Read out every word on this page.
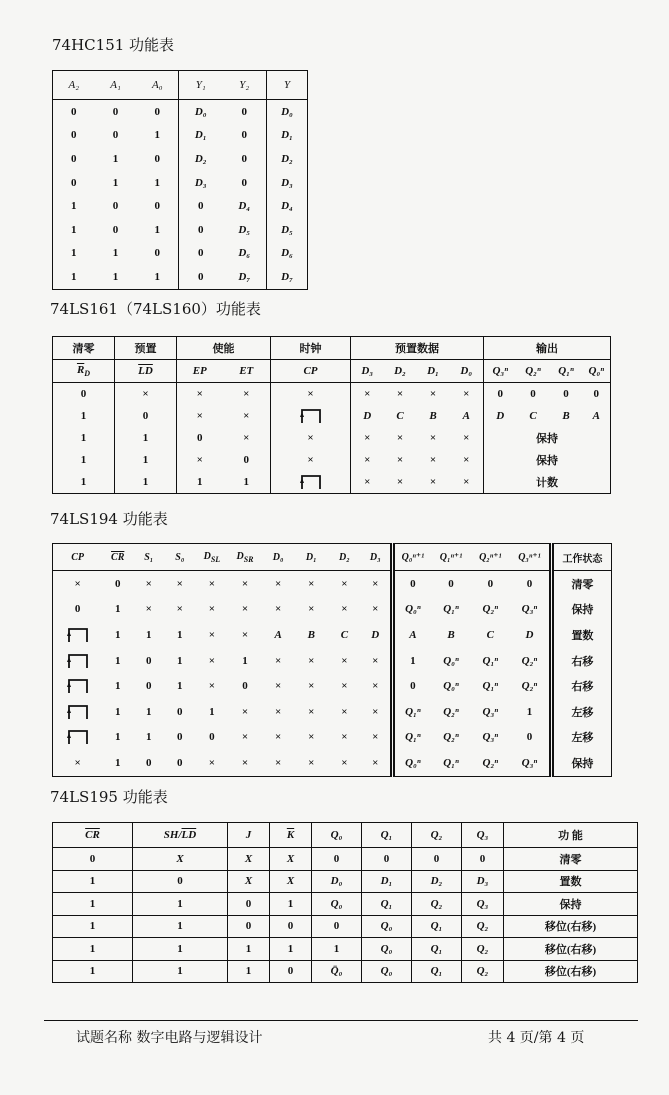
74HC151 功能表
A₂	A₁	A₀	Y₁	Y₂	Y
0	0	0	D₀	0	D₀
0	0	1	D₁	0	D₁
0	1	0	D₂	0	D₂
0	1	1	D₃	0	D₃
1	0	0	0	D₄	D₄
1	0	1	0	D₅	D₅
1	1	0	0	D₆	D₆
1	1	1	0	D₇	D₇
74LS161（74LS160）功能表
清零	预置	使能		时钟	预置数据				输出			
$\overline{R}_D$	$\overline{LD}$	EP	ET	CP	D₃	D₂	D₁	D₀	Q₃ⁿ	Q₂ⁿ	Q₁ⁿ	Q₀ⁿ
0	×	×	×	×	×	×	×	×	0	0	0	0
1	0	×	×		D	C	B	A	D	C	B	A
1	1	0	×	×	×	×	×	×	保持			
1	1	×	0	×	×	×	×	×	保持			
1	1	1	1		×	×	×	×	计数			
74LS194 功能表
CP	$\overline{CR}$	S₁	S₀	$D_{SL}$	$D_{SR}$	D₀	D₁	D₂	D₃	Q₀ⁿ⁺¹	Q₁ⁿ⁺¹	Q₂ⁿ⁺¹	Q₃ⁿ⁺¹	工作状态
×	0	×	×	×	×	×	×	×	×	0	0	0	0	清零
0	1	×	×	×	×	×	×	×	×	Q₀ⁿ	Q₁ⁿ	Q₂ⁿ	Q₃ⁿ	保持
	1	1	1	×	×	A	B	C	D	A	B	C	D	置数
	1	0	1	×	1	×	×	×	×	1	Q₀ⁿ	Q₁ⁿ	Q₂ⁿ	右移
	1	0	1	×	0	×	×	×	×	0	Q₀ⁿ	Q₁ⁿ	Q₂ⁿ	右移
	1	1	0	1	×	×	×	×	×	Q₁ⁿ	Q₂ⁿ	Q₃ⁿ	1	左移
	1	1	0	0	×	×	×	×	×	Q₁ⁿ	Q₂ⁿ	Q₃ⁿ	0	左移
×	1	0	0	×	×	×	×	×	×	Q₀ⁿ	Q₁ⁿ	Q₂ⁿ	Q₃ⁿ	保持
74LS195 功能表
$\overline{CR}$	$SH/\overline{LD}$	J	$\overline{K}$	Q₀	Q₁	Q₂	Q₃	功 能
0	X	X	X	0	0	0	0	清零
1	0	X	X	D₀	D₁	D₂	D₃	置数
1	1	0	1	Q₀	Q₁	Q₂	Q₃	保持
1	1	0	0	0	Q₀	Q₁	Q₂	移位(右移)
1	1	1	1	1	Q₀	Q₁	Q₂	移位(右移)
1	1	1	0	Q̄₀	Q₀	Q₁	Q₂	移位(右移)
试题名称 数字电路与逻辑设计	共 4 页/第 4 页
